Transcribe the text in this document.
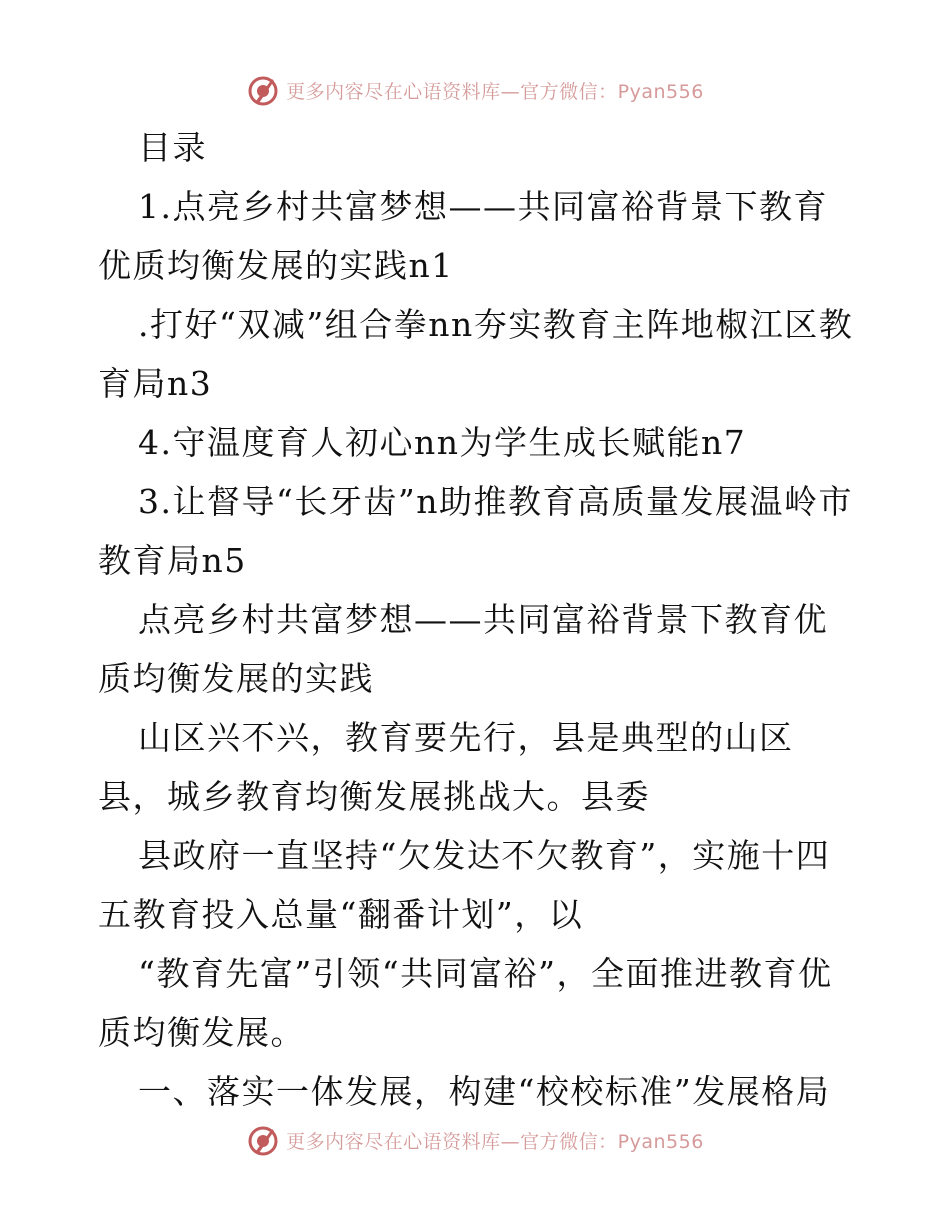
更多内容尽在心语资料库—官方微信：Pyan556

目录

1.点亮乡村共富梦想——共同富裕背景下教育优质均衡发展的实践n1

.打好“双减”组合拳nn夯实教育主阵地椒江区教育局n3

4.守温度育人初心nn为学生成长赋能n7

3.让督导“长牙齿”n助推教育高质量发展温岭市教育局n5

点亮乡村共富梦想——共同富裕背景下教育优质均衡发展的实践

山区兴不兴，教育要先行，县是典型的山区县，城乡教育均衡发展挑战大。县委

县政府一直坚持“欠发达不欠教育”，实施十四五教育投入总量“翻番计划”，以

“教育先富”引领“共同富裕”，全面推进教育优质均衡发展。

一、落实一体发展，构建“校校标准”发展格局

更多内容尽在心语资料库—官方微信：Pyan556
